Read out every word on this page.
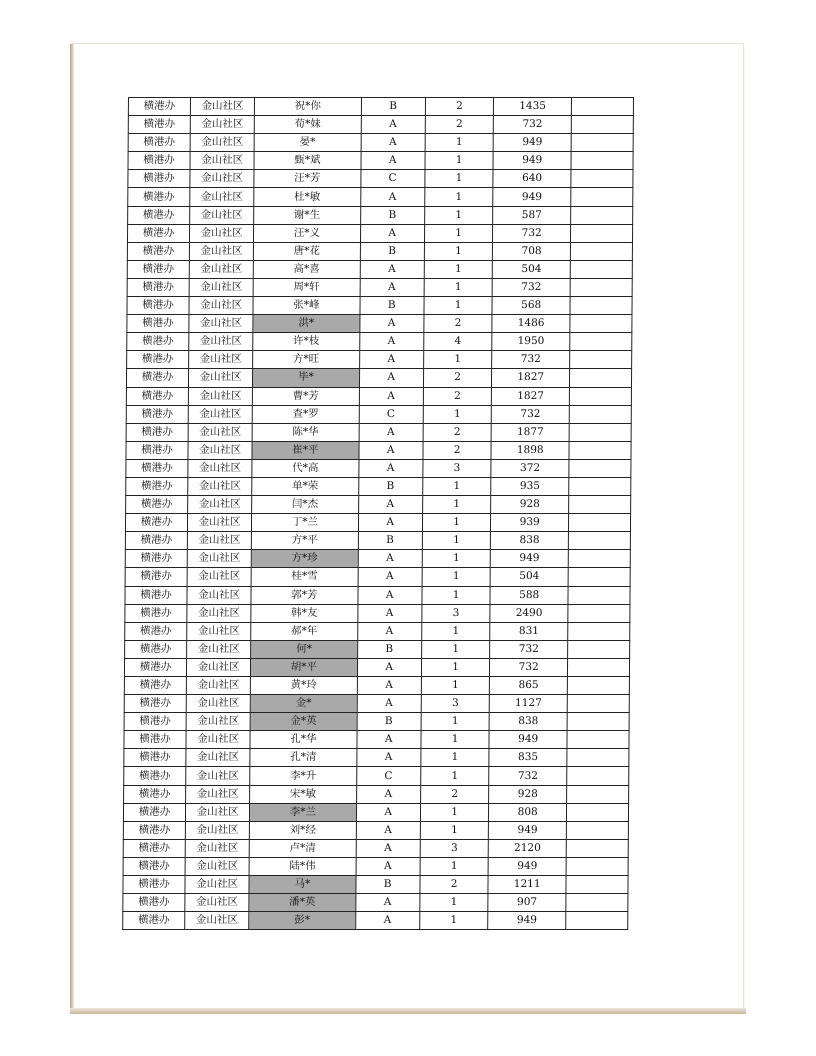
横港办	金山社区	祝*你	B	2	1435	
横港办	金山社区	荀*妹	A	2	732	
横港办	金山社区	晏*	A	1	949	
横港办	金山社区	甄*斌	A	1	949	
横港办	金山社区	汪*芳	C	1	640	
横港办	金山社区	杜*敏	A	1	949	
横港办	金山社区	谢*生	B	1	587	
横港办	金山社区	汪*义	A	1	732	
横港办	金山社区	唐*花	B	1	708	
横港办	金山社区	高*喜	A	1	504	
横港办	金山社区	周*轩	A	1	732	
横港办	金山社区	张*峰	B	1	568	
横港办	金山社区	洪*	A	2	1486	
横港办	金山社区	许*枝	A	4	1950	
横港办	金山社区	方*旺	A	1	732	
横港办	金山社区	毕*	A	2	1827	
横港办	金山社区	曹*芳	A	2	1827	
横港办	金山社区	查*罗	C	1	732	
横港办	金山社区	陈*华	A	2	1877	
横港办	金山社区	崔*平	A	2	1898	
横港办	金山社区	代*高	A	3	372	
横港办	金山社区	单*荣	B	1	935	
横港办	金山社区	闫*杰	A	1	928	
横港办	金山社区	丁*兰	A	1	939	
横港办	金山社区	方*平	B	1	838	
横港办	金山社区	方*珍	A	1	949	
横港办	金山社区	桂*雪	A	1	504	
横港办	金山社区	郭*芳	A	1	588	
横港办	金山社区	韩*友	A	3	2490	
横港办	金山社区	郝*年	A	1	831	
横港办	金山社区	何*	B	1	732	
横港办	金山社区	胡*平	A	1	732	
横港办	金山社区	黄*玲	A	1	865	
横港办	金山社区	金*	A	3	1127	
横港办	金山社区	金*英	B	1	838	
横港办	金山社区	孔*华	A	1	949	
横港办	金山社区	孔*清	A	1	835	
横港办	金山社区	李*升	C	1	732	
横港办	金山社区	宋*敏	A	2	928	
横港办	金山社区	李*兰	A	1	808	
横港办	金山社区	刘*经	A	1	949	
横港办	金山社区	卢*清	A	3	2120	
横港办	金山社区	陆*伟	A	1	949	
横港办	金山社区	马*	B	2	1211	
横港办	金山社区	潘*英	A	1	907	
横港办	金山社区	彭*	A	1	949	
